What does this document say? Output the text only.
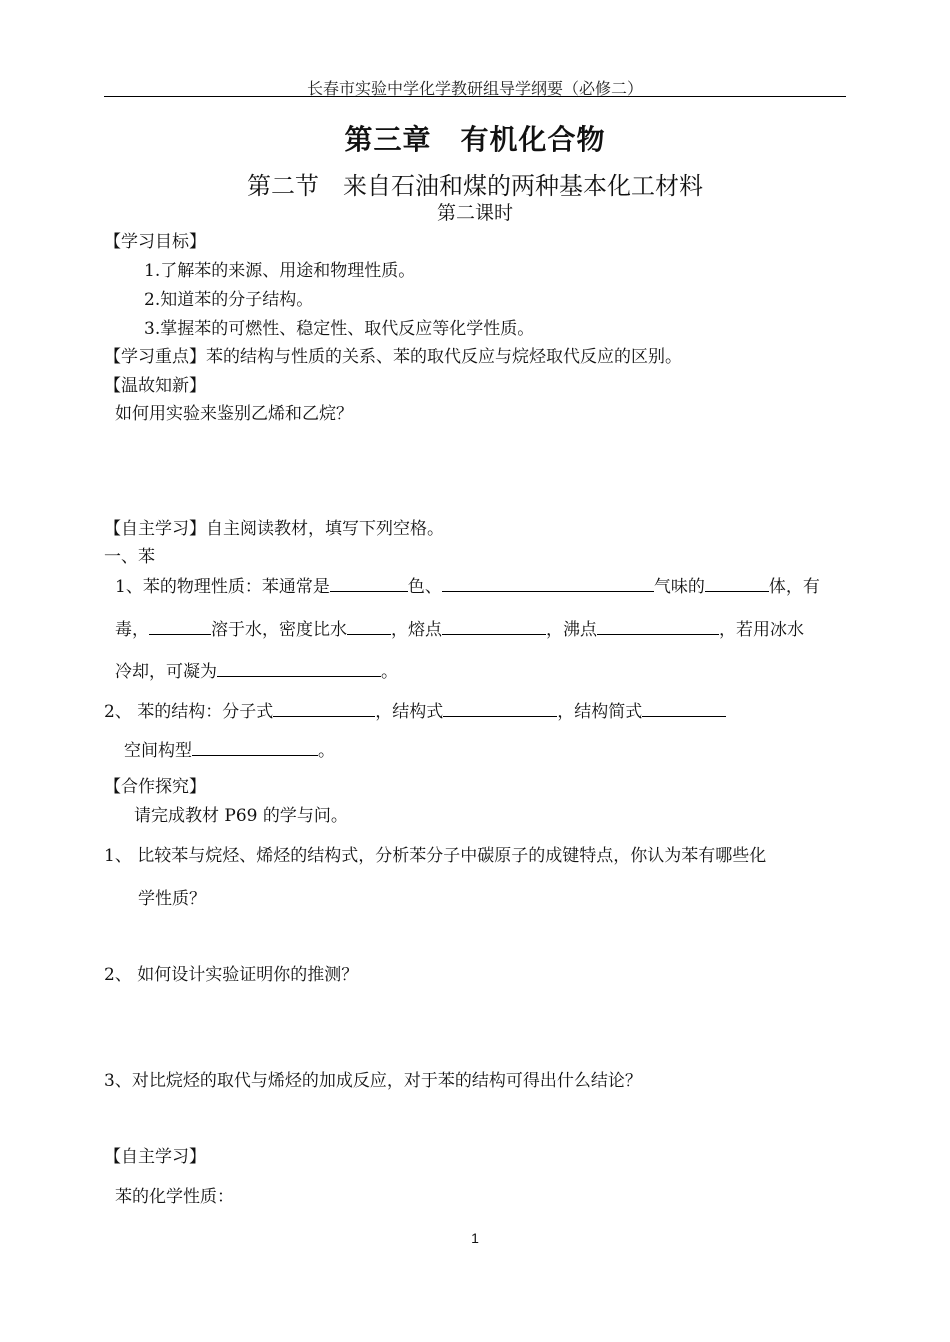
长春市实验中学化学教研组导学纲要（必修二）
第三章　有机化合物
第二节　来自石油和煤的两种基本化工材料
第二课时
【学习目标】
1.了解苯的来源、用途和物理性质。
2.知道苯的分子结构。
3.掌握苯的可燃性、稳定性、取代反应等化学性质。
【学习重点】苯的结构与性质的关系、苯的取代反应与烷烃取代反应的区别。
【温故知新】
如何用实验来鉴别乙烯和乙烷？
【自主学习】自主阅读教材，填写下列空格。
一、苯
1、苯的物理性质：苯通常是	色、	气味的	体，有
毒，	溶于水，密度比水	，熔点	，沸点	，若用冰水
冷却，可凝为	。
2、 苯的结构：分子式	，结构式	，结构简式
空间构型	。
【合作探究】
请完成教材 P69 的学与问。
1、 比较苯与烷烃、烯烃的结构式，分析苯分子中碳原子的成键特点，你认为苯有哪些化
学性质？
2、 如何设计实验证明你的推测？
3、对比烷烃的取代与烯烃的加成反应，对于苯的结构可得出什么结论？
【自主学习】
苯的化学性质：
1
